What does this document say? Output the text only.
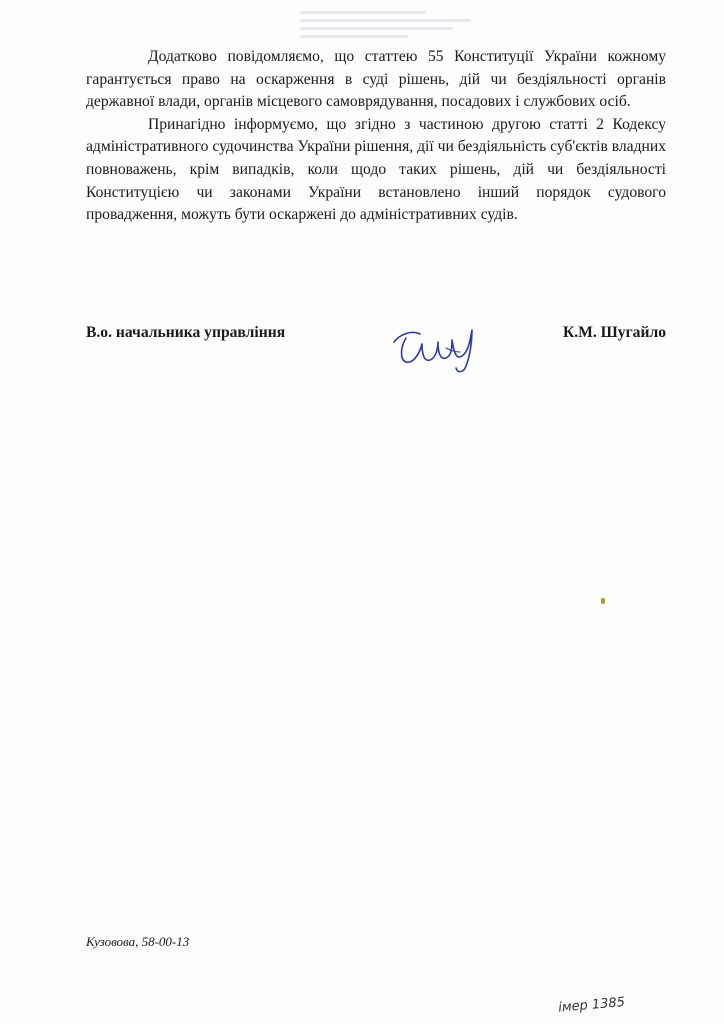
Додатково повідомляємо, що статтею 55 Конституції України кожному гарантується право на оскарження в суді рішень, дій чи бездіяльності органів державної влади, органів місцевого самоврядування, посадових і службових осіб.

Принагідно інформуємо, що згідно з частиною другою статті 2 Кодексу адміністративного судочинства України рішення, дії чи бездіяльність суб'єктів владних повноважень, крім випадків, коли щодо таких рішень, дій чи бездіяльності Конституцією чи законами України встановлено інший порядок судового провадження, можуть бути оскаржені до адміністративних судів.

В.о. начальника управління	К.М. Шугайло
Кузовова, 58-00-13
імер 1385
